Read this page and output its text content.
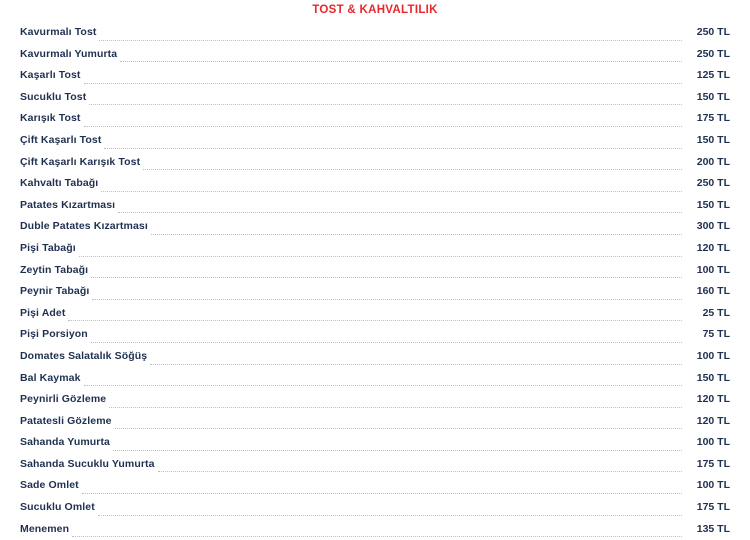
TOST & KAHVALTILIK
Kavurmalı Tost	250 TL
Kavurmalı Yumurta	250 TL
Kaşarlı Tost	125 TL
Sucuklu Tost	150 TL
Karışık Tost	175 TL
Çift Kaşarlı Tost	150 TL
Çift Kaşarlı Karışık Tost	200 TL
Kahvaltı Tabağı	250 TL
Patates Kızartması	150 TL
Duble Patates Kızartması	300 TL
Pişi Tabağı	120 TL
Zeytin Tabağı	100 TL
Peynir Tabağı	160 TL
Pişi Adet	25 TL
Pişi Porsiyon	75 TL
Domates Salatalık Söğüş	100 TL
Bal Kaymak	150 TL
Peynirli Gözleme	120 TL
Patatesli Gözleme	120 TL
Sahanda Yumurta	100 TL
Sahanda Sucuklu Yumurta	175 TL
Sade Omlet	100 TL
Sucuklu Omlet	175 TL
Menemen	135 TL
